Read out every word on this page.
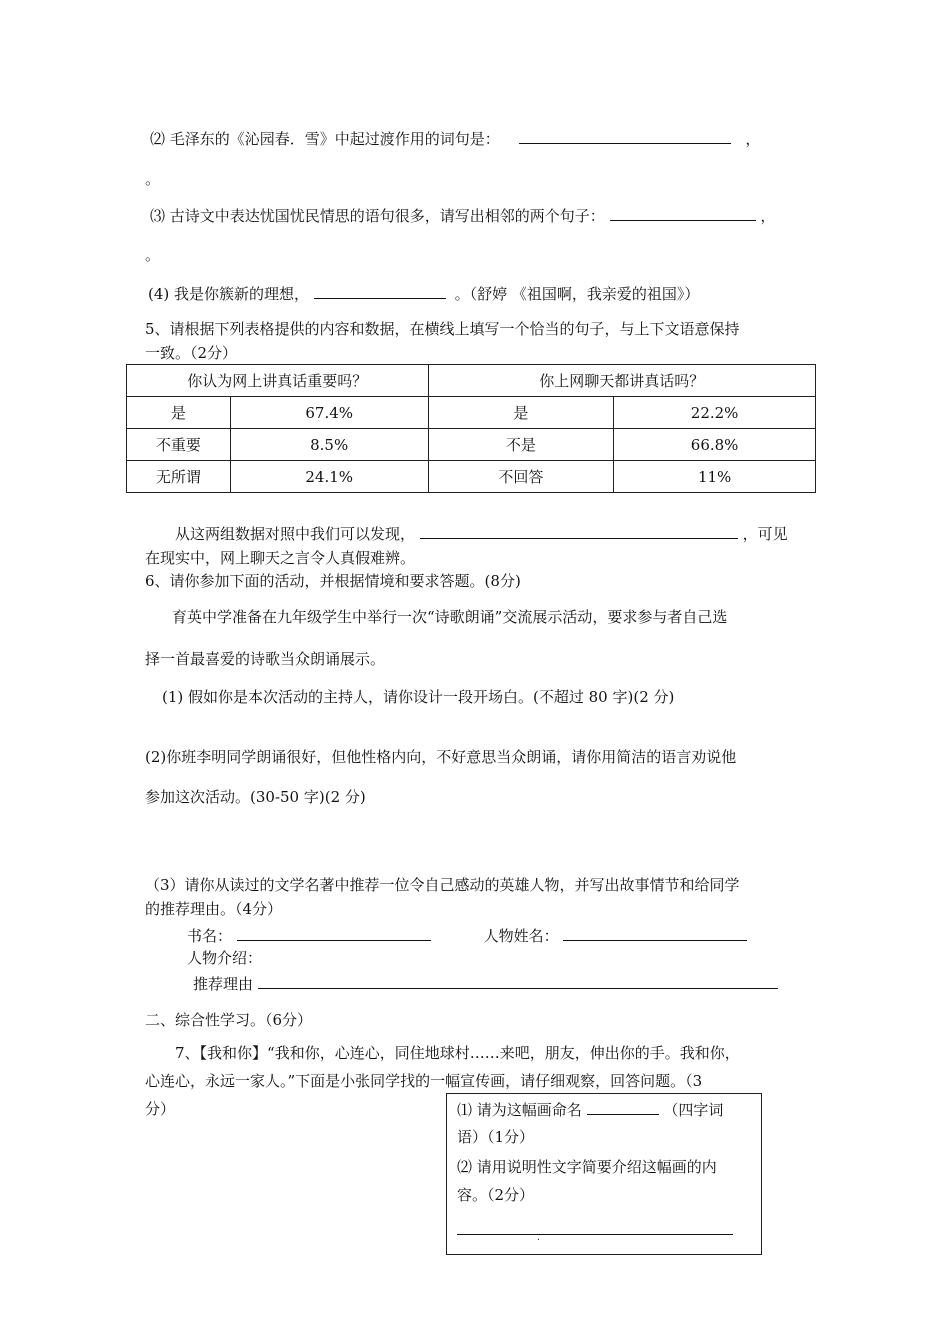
⑵ 毛泽东的《沁园春．雪》中起过渡作用的词句是：	，
。
⑶ 古诗文中表达忧国忧民情思的语句很多，请写出相邻的两个句子：	，
。
(4) 我是你簇新的理想，	。（舒婷 《祖国啊，我亲爱的祖国》）
5、请根据下列表格提供的内容和数据，在横线上填写一个恰当的句子，与上下文语意保持
一致。（2分）
你认为网上讲真话重要吗？		你上网聊天都讲真话吗？	
是	67.4%	是	22.2%
不重要	8.5%	不是	66.8%
无所谓	24.1%	不回答	11%
从这两组数据对照中我们可以发现，	，可见
在现实中，网上聊天之言令人真假难辨。
6、请你参加下面的活动，并根据情境和要求答题。(8分)
育英中学准备在九年级学生中举行一次“诗歌朗诵”交流展示活动，要求参与者自己选
择一首最喜爱的诗歌当众朗诵展示。
(1) 假如你是本次活动的主持人，请你设计一段开场白。(不超过 80 字)(2 分)
(2)你班李明同学朗诵很好，但他性格内向，不好意思当众朗诵，请你用简洁的语言劝说他
参加这次活动。(30-50 字)(2 分)
（3）请你从读过的文学名著中推荐一位令自己感动的英雄人物，并写出故事情节和给同学
的推荐理由。（4分）
书名：	人物姓名：
人物介绍：
推荐理由
二、综合性学习。（6分）
7、【我和你】“我和你，心连心，同住地球村……来吧，朋友，伸出你的手。我和你，
心连心，永远一家人。”下面是小张同学找的一幅宣传画，请仔细观察，回答问题。（3
分）	⑴ 请为这幅画命名	（四字词
语）（1分）
⑵ 请用说明性文字简要介绍这幅画的内
容。（2分）
.
